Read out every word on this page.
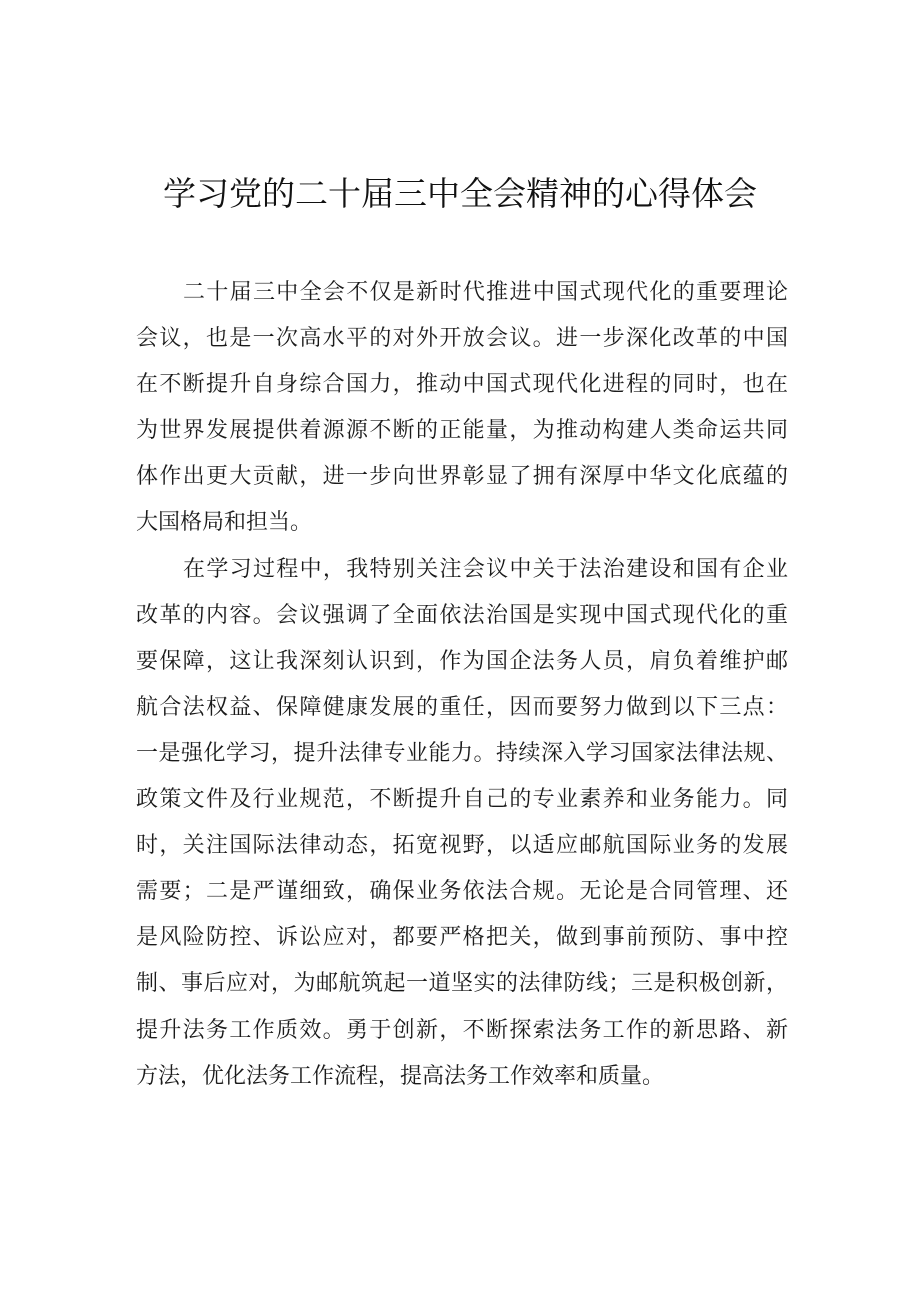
学习党的二十届三中全会精神的心得体会
二十届三中全会不仅是新时代推进中国式现代化的重要理论
会议，也是一次高水平的对外开放会议。进一步深化改革的中国
在不断提升自身综合国力，推动中国式现代化进程的同时，也在
为世界发展提供着源源不断的正能量，为推动构建人类命运共同
体作出更大贡献，进一步向世界彰显了拥有深厚中华文化底蕴的
大国格局和担当。
在学习过程中，我特别关注会议中关于法治建设和国有企业
改革的内容。会议强调了全面依法治国是实现中国式现代化的重
要保障，这让我深刻认识到，作为国企法务人员，肩负着维护邮
航合法权益、保障健康发展的重任，因而要努力做到以下三点：
一是强化学习，提升法律专业能力。持续深入学习国家法律法规、
政策文件及行业规范，不断提升自己的专业素养和业务能力。同
时，关注国际法律动态，拓宽视野，以适应邮航国际业务的发展
需要；二是严谨细致，确保业务依法合规。无论是合同管理、还
是风险防控、诉讼应对，都要严格把关，做到事前预防、事中控
制、事后应对，为邮航筑起一道坚实的法律防线；三是积极创新，
提升法务工作质效。勇于创新，不断探索法务工作的新思路、新
方法，优化法务工作流程，提高法务工作效率和质量。
